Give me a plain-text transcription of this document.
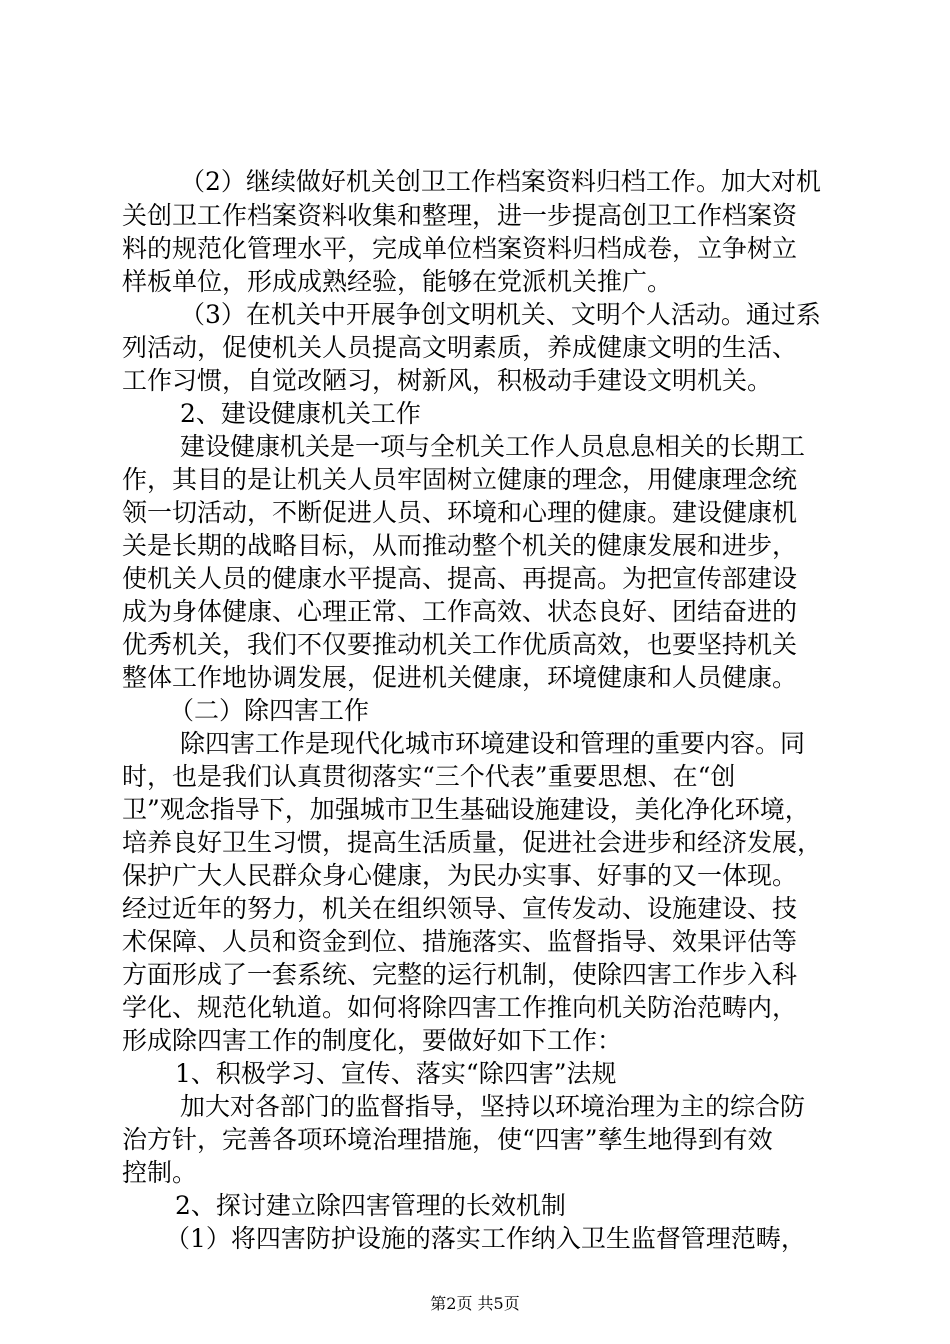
（2）继续做好机关创卫工作档案资料归档工作。加大对机
关创卫工作档案资料收集和整理，进一步提高创卫工作档案资
料的规范化管理水平，完成单位档案资料归档成卷，立争树立
样板单位，形成成熟经验，能够在党派机关推广。
（3）在机关中开展争创文明机关、文明个人活动。通过系
列活动，促使机关人员提高文明素质，养成健康文明的生活、
工作习惯，自觉改陋习，树新风，积极动手建设文明机关。
2、建设健康机关工作
建设健康机关是一项与全机关工作人员息息相关的长期工
作，其目的是让机关人员牢固树立健康的理念，用健康理念统
领一切活动，不断促进人员、环境和心理的健康。建设健康机
关是长期的战略目标，从而推动整个机关的健康发展和进步，
使机关人员的健康水平提高、提高、再提高。为把宣传部建设
成为身体健康、心理正常、工作高效、状态良好、团结奋进的
优秀机关，我们不仅要推动机关工作优质高效，也要坚持机关
整体工作地协调发展，促进机关健康，环境健康和人员健康。
（二）除四害工作
除四害工作是现代化城市环境建设和管理的重要内容。同
时，也是我们认真贯彻落实“三个代表”重要思想、在“创
卫”观念指导下，加强城市卫生基础设施建设，美化净化环境，
培养良好卫生习惯，提高生活质量，促进社会进步和经济发展，
保护广大人民群众身心健康，为民办实事、好事的又一体现。
经过近年的努力，机关在组织领导、宣传发动、设施建设、技
术保障、人员和资金到位、措施落实、监督指导、效果评估等
方面形成了一套系统、完整的运行机制，使除四害工作步入科
学化、规范化轨道。如何将除四害工作推向机关防治范畴内，
形成除四害工作的制度化，要做好如下工作：
1、积极学习、宣传、落实“除四害”法规
加大对各部门的监督指导，坚持以环境治理为主的综合防
治方针，完善各项环境治理措施，使“四害”孳生地得到有效
控制。
2、探讨建立除四害管理的长效机制
（1）将四害防护设施的落实工作纳入卫生监督管理范畴，
第2页 共5页
